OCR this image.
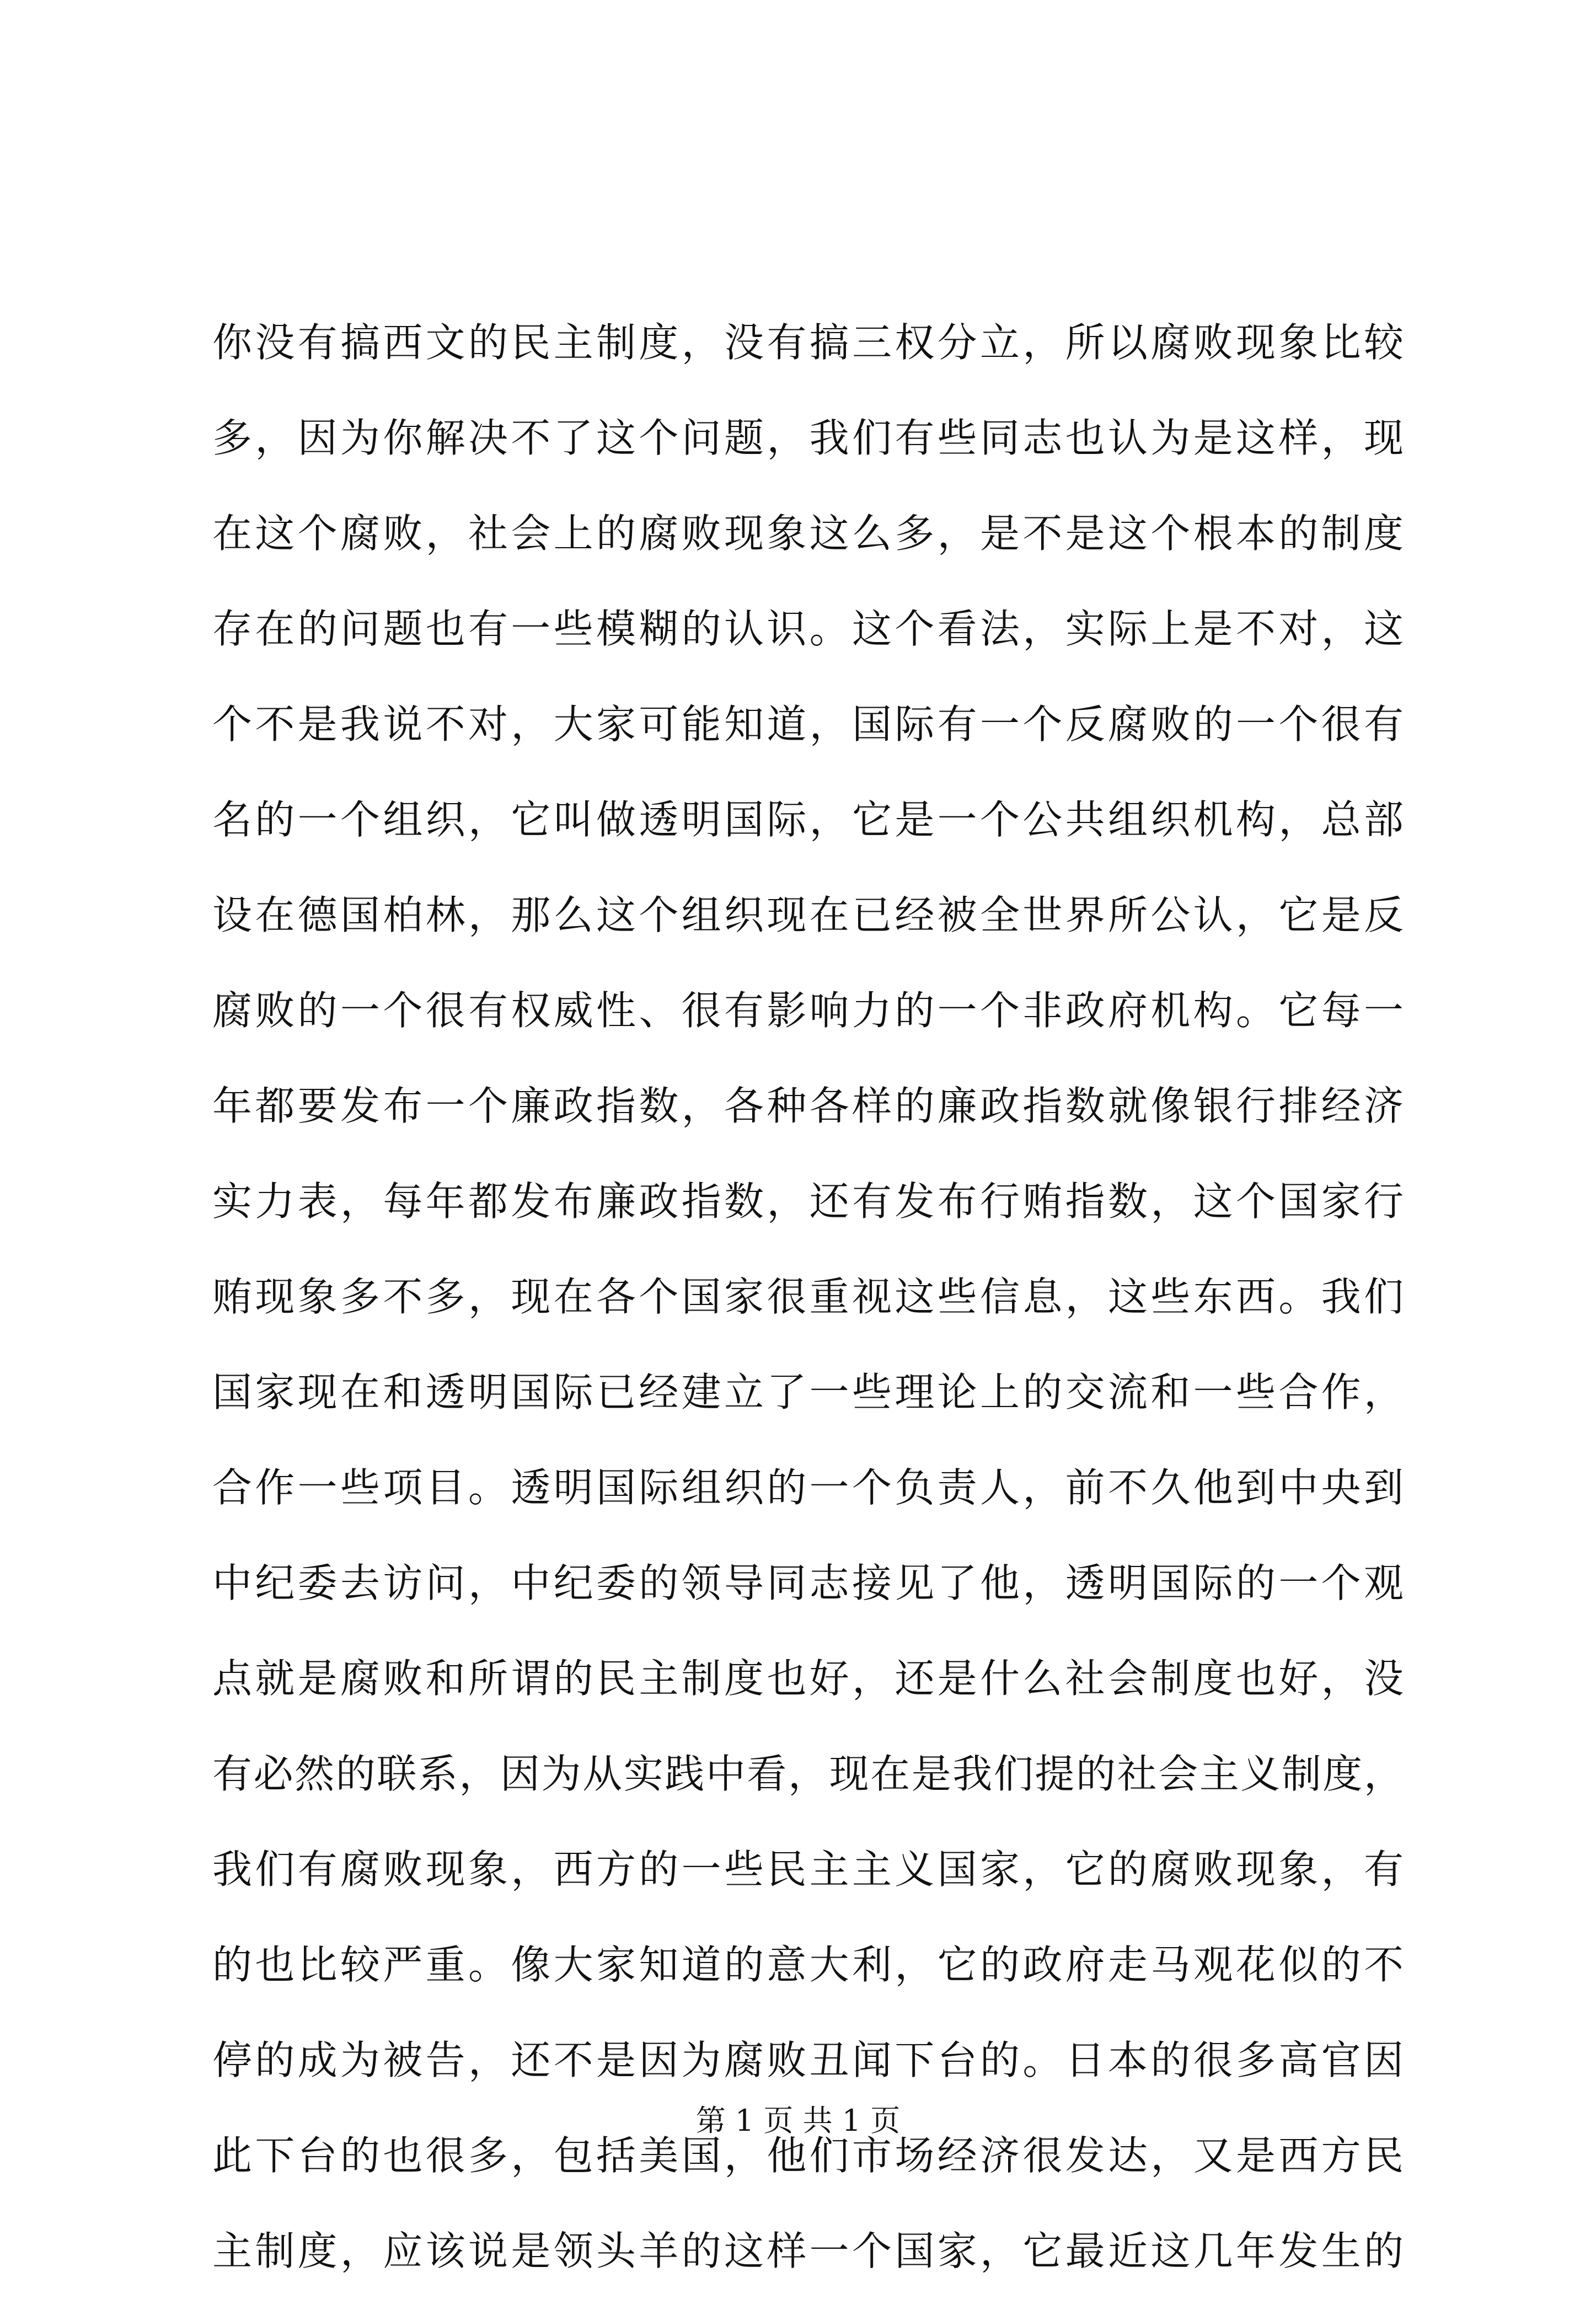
你没有搞西文的民主制度，没有搞三权分立，所以腐败现象比较
多，因为你解决不了这个问题，我们有些同志也认为是这样，现
在这个腐败，社会上的腐败现象这么多，是不是这个根本的制度
存在的问题也有一些模糊的认识。这个看法，实际上是不对，这
个不是我说不对，大家可能知道，国际有一个反腐败的一个很有
名的一个组织，它叫做透明国际，它是一个公共组织机构，总部
设在德国柏林，那么这个组织现在已经被全世界所公认，它是反
腐败的一个很有权威性、很有影响力的一个非政府机构。它每一
年都要发布一个廉政指数，各种各样的廉政指数就像银行排经济
实力表，每年都发布廉政指数，还有发布行贿指数，这个国家行
贿现象多不多，现在各个国家很重视这些信息，这些东西。我们
国家现在和透明国际已经建立了一些理论上的交流和一些合作，
合作一些项目。透明国际组织的一个负责人，前不久他到中央到
中纪委去访问，中纪委的领导同志接见了他，透明国际的一个观
点就是腐败和所谓的民主制度也好，还是什么社会制度也好，没
有必然的联系，因为从实践中看，现在是我们提的社会主义制度，
我们有腐败现象，西方的一些民主主义国家，它的腐败现象，有
的也比较严重。像大家知道的意大利，它的政府走马观花似的不
停的成为被告，还不是因为腐败丑闻下台的。日本的很多高官因
此下台的也很多，包括美国，他们市场经济很发达，又是西方民
主制度，应该说是领头羊的这样一个国家，它最近这几年发生的
第 1 页 共 1 页
